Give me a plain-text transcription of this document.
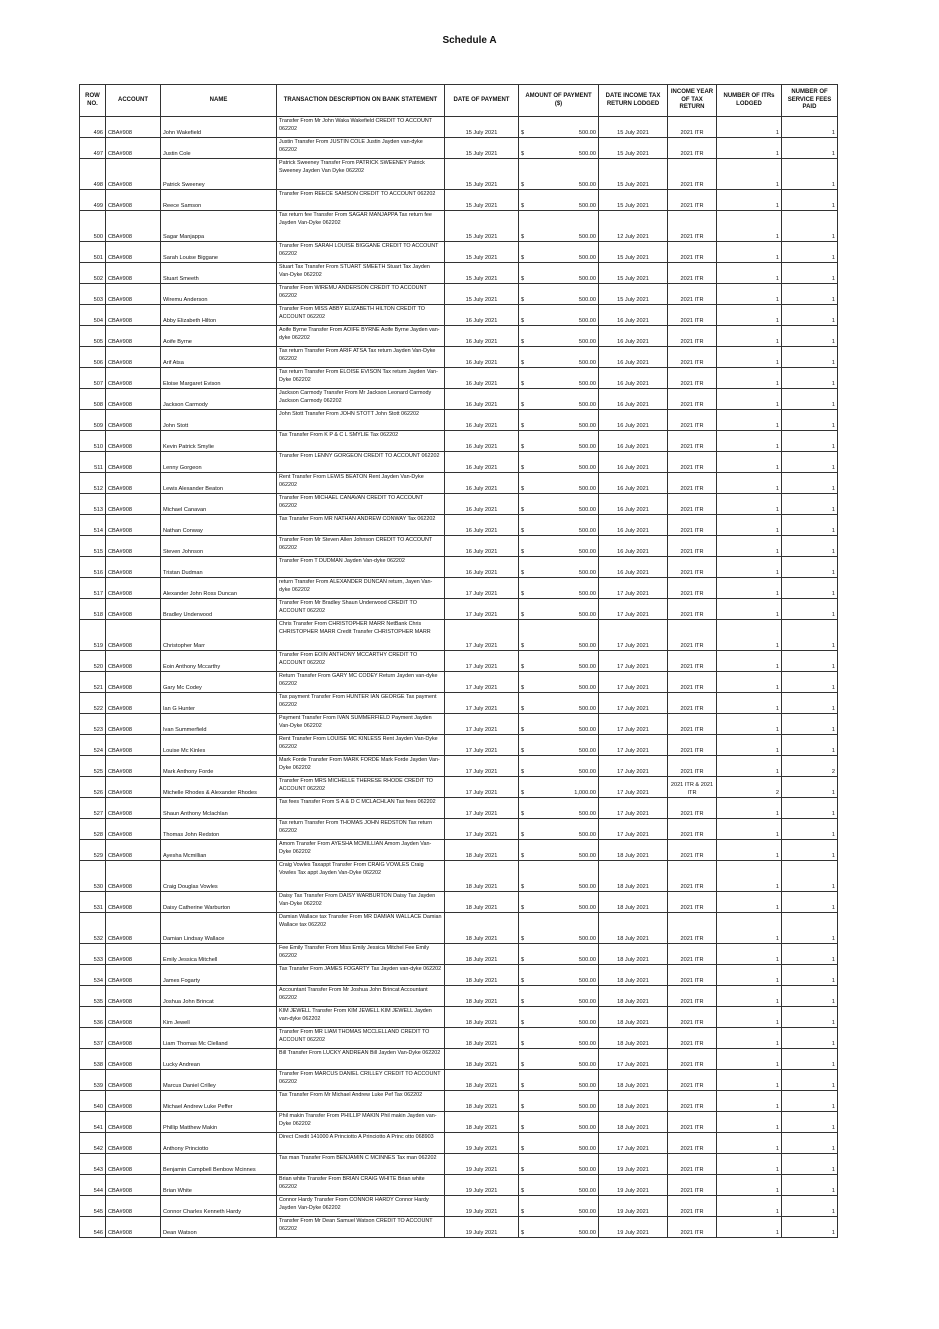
Schedule A
ROW NO.	ACCOUNT	NAME	TRANSACTION DESCRIPTION ON BANK STATEMENT	DATE OF PAYMENT	AMOUNT OF PAYMENT ($)	DATE INCOME TAX RETURN LODGED	INCOME YEAR OF TAX RETURN	NUMBER OF ITRs LODGED	NUMBER OF SERVICE FEES PAID
496	CBA#908	John Wakefield	Transfer From Mr John Waka Wakefield CREDIT TO ACCOUNT 062202	15 July 2021	$ 500.00	15 July 2021	2021 ITR	1	1
497	CBA#908	Justin Cole	Justin Transfer From JUSTIN COLE Justin Jayden van-dyke 062202	15 July 2021	$ 500.00	15 July 2021	2021 ITR	1	1
498	CBA#908	Patrick Sweeney	Patrick Sweeney Transfer From PATRICK SWEENEY Patrick Sweeney Jayden Van Dyke 062202	15 July 2021	$ 500.00	15 July 2021	2021 ITR	1	1
499	CBA#908	Reece Samson	Transfer From REECE SAMSON CREDIT TO ACCOUNT 062202	15 July 2021	$ 500.00	15 July 2021	2021 ITR	1	1
500	CBA#908	Sagar Manjappa	Tax return fee Transfer From SAGAR MANJAPPA Tax return fee Jayden Van-Dyke 062202	15 July 2021	$ 500.00	12 July 2021	2021 ITR	1	1
501	CBA#908	Sarah Louise Biggane	Transfer From SARAH LOUISE BIGGANE CREDIT TO ACCOUNT 062202	15 July 2021	$ 500.00	15 July 2021	2021 ITR	1	1
502	CBA#908	Stuart Smeeth	Stuart Tax Transfer From STUART SMEETH Stuart Tax Jayden Van-Dyke 062202	15 July 2021	$ 500.00	15 July 2021	2021 ITR	1	1
503	CBA#908	Wiremu Anderson	Transfer From WIREMU ANDERSON CREDIT TO ACCOUNT 062202	15 July 2021	$ 500.00	15 July 2021	2021 ITR	1	1
504	CBA#908	Abby Elizabeth Hilton	Transfer From MISS ABBY ELIZABETH HILTON CREDIT TO ACCOUNT 062202	16 July 2021	$ 500.00	16 July 2021	2021 ITR	1	1
505	CBA#908	Aoife Byrne	Aoife Byrne Transfer From AOIFE BYRNE Aoife Byrne Jayden van-dyke 062202	16 July 2021	$ 500.00	16 July 2021	2021 ITR	1	1
506	CBA#908	Arif Atsa	Tax return Transfer From ARIF ATSA Tax return Jayden Van-Dyke 062202	16 July 2021	$ 500.00	16 July 2021	2021 ITR	1	1
507	CBA#908	Eloise Margaret Evison	Tax return Transfer From ELOISE EVISON Tax return Jayden Van-Dyke 062202	16 July 2021	$ 500.00	16 July 2021	2021 ITR	1	1
508	CBA#908	Jackson Carmody	Jackson Carmody Transfer From Mr Jackson Leonard Carmody Jackson Carmody 062202	16 July 2021	$ 500.00	16 July 2021	2021 ITR	1	1
509	CBA#908	John Stott	John Stott Transfer From JOHN STOTT John Stott 062202	16 July 2021	$ 500.00	16 July 2021	2021 ITR	1	1
510	CBA#908	Kevin Patrick Smylie	Tax Transfer From K P & C L SMYLIE Tax 062202	16 July 2021	$ 500.00	16 July 2021	2021 ITR	1	1
511	CBA#908	Lenny Gorgeon	Transfer From LENNY GORGEON CREDIT TO ACCOUNT 062202	16 July 2021	$ 500.00	16 July 2021	2021 ITR	1	1
512	CBA#908	Lewis Alexander Beaton	Rent Transfer From LEWIS BEATON Rent Jayden Van-Dyke 062202	16 July 2021	$ 500.00	16 July 2021	2021 ITR	1	1
513	CBA#908	Michael Canavan	Transfer From MICHAEL CANAVAN CREDIT TO ACCOUNT 062202	16 July 2021	$ 500.00	16 July 2021	2021 ITR	1	1
514	CBA#908	Nathan Conway	Tax Transfer From MR NATHAN ANDREW CONWAY Tax 062202	16 July 2021	$ 500.00	16 July 2021	2021 ITR	1	1
515	CBA#908	Steven Johnson	Transfer From Mr Steven Allen Johnson CREDIT TO ACCOUNT 062202	16 July 2021	$ 500.00	16 July 2021	2021 ITR	1	1
516	CBA#908	Tristan Dudman	Transfer From T DUDMAN Jayden Van-dyke 062202	16 July 2021	$ 500.00	16 July 2021	2021 ITR	1	1
517	CBA#908	Alexander John Ross Duncan	return Transfer From ALEXANDER DUNCAN return, Jayen Van-dyke 062202	17 July 2021	$ 500.00	17 July 2021	2021 ITR	1	1
518	CBA#908	Bradley Underwood	Transfer From Mr Bradley Shaun Underwood CREDIT TO ACCOUNT 062202	17 July 2021	$ 500.00	17 July 2021	2021 ITR	1	1
519	CBA#908	Christopher Marr	Chris Transfer From CHRISTOPHER MARR NetBank Chris CHRISTOPHER MARR Credit Transfer CHRISTOPHER MARR	17 July 2021	$ 500.00	17 July 2021	2021 ITR	1	1
520	CBA#908	Eoin Anthony Mccarthy	Transfer From EOIN ANTHONY MCCARTHY CREDIT TO ACCOUNT 062202	17 July 2021	$ 500.00	17 July 2021	2021 ITR	1	1
521	CBA#908	Gary Mc Codey	Return Transfer From GARY MC CODEY Return Jayden van-dyke 062202	17 July 2021	$ 500.00	17 July 2021	2021 ITR	1	1
522	CBA#908	Ian G Hunter	Tax payment Transfer From HUNTER IAN GEORGE Tax payment 062202	17 July 2021	$ 500.00	17 July 2021	2021 ITR	1	1
523	CBA#908	Ivan Summerfield	Payment Transfer From IVAN SUMMERFIELD Payment Jayden Van-Dyke 062202	17 July 2021	$ 500.00	17 July 2021	2021 ITR	1	1
524	CBA#908	Louise Mc Kinles	Rent Transfer From LOUISE MC KINLESS Rent Jayden Van-Dyke 062202	17 July 2021	$ 500.00	17 July 2021	2021 ITR	1	1
525	CBA#908	Mark Anthony Forde	Mark Forde Transfer From MARK FORDE Mark Forde Jayden Van-Dyke 062202	17 July 2021	$ 500.00	17 July 2021	2021 ITR	1	2
526	CBA#908	Michelle Rhodes & Alexander Rhodes	Transfer From MRS MICHELLE THERESE RHODE CREDIT TO ACCOUNT 062202	17 July 2021	$ 1,000.00	17 July 2021	2021 ITR & 2021 ITR	2	1
527	CBA#908	Shaun Anthony Mclachlan	Tax fees Transfer From S A & D C MCLACHLAN Tax fees 062202	17 July 2021	$ 500.00	17 July 2021	2021 ITR	1	1
528	CBA#908	Thomas John Redston	Tax return Transfer From THOMAS JOHN REDSTON Tax return 062202	17 July 2021	$ 500.00	17 July 2021	2021 ITR	1	1
529	CBA#908	Ayesha Mcmillian	Amom Transfer From AYESHA MCMILLIAN Amom Jayden Van-Dyke 062202	18 July 2021	$ 500.00	18 July 2021	2021 ITR	1	1
530	CBA#908	Craig Douglas Vowles	Craig Vowles Taxappt Transfer From CRAIG VOWLES Craig Vowles Tax appt Jayden Van-Dyke 062202	18 July 2021	$ 500.00	18 July 2021	2021 ITR	1	1
531	CBA#908	Daisy Catherine Warburton	Daisy Tax Transfer From DAISY WARBURTON Daisy Tax Jayden Van-Dyke 062202	18 July 2021	$ 500.00	18 July 2021	2021 ITR	1	1
532	CBA#908	Damian Lindsay Wallace	Damian Wallace tax Transfer From MR DAMIAN WALLACE Damian Wallace tax 062202	18 July 2021	$ 500.00	18 July 2021	2021 ITR	1	1
533	CBA#908	Emily Jessica Mitchell	Fee Emily Transfer From Miss Emily Jessica Mitchel Fee Emily 062202	18 July 2021	$ 500.00	18 July 2021	2021 ITR	1	1
534	CBA#908	James Fogarty	Tax Transfer From JAMES FOGARTY Tax Jayden van-dyke 062202	18 July 2021	$ 500.00	18 July 2021	2021 ITR	1	1
535	CBA#908	Joshua John Brincat	Accountant Transfer From Mr Joshua John Brincat Accountant 062202	18 July 2021	$ 500.00	18 July 2021	2021 ITR	1	1
536	CBA#908	Kim Jewell	KIM JEWELL Transfer From KIM JEWELL KIM JEWELL Jayden van-dyke 062202	18 July 2021	$ 500.00	18 July 2021	2021 ITR	1	1
537	CBA#908	Liam Thomas Mc Clelland	Transfer From MR LIAM THOMAS MCCLELLAND CREDIT TO ACCOUNT 062202	18 July 2021	$ 500.00	18 July 2021	2021 ITR	1	1
538	CBA#908	Lucky Andrean	Bill Transfer From LUCKY ANDREAN Bill Jayden Van-Dyke 062202	18 July 2021	$ 500.00	17 July 2021	2021 ITR	1	1
539	CBA#908	Marcus Daniel Crilley	Transfer From MARCUS DANIEL CRILLEY CREDIT TO ACCOUNT 062202	18 July 2021	$ 500.00	18 July 2021	2021 ITR	1	1
540	CBA#908	Michael Andrew Luke Peffer	Tax Transfer From Mr Michael Andrew Luke Pef Tax 062202	18 July 2021	$ 500.00	18 July 2021	2021 ITR	1	1
541	CBA#908	Phillip Matthew Makin	Phil makin Transfer From PHILLIP MAKIN Phil makin Jayden van-Dyke 062202	18 July 2021	$ 500.00	18 July 2021	2021 ITR	1	1
542	CBA#908	Anthony Princiotto	Direct Credit 141000 A Princiotto A Princiotto A Princ otto 068903	19 July 2021	$ 500.00	17 July 2021	2021 ITR	1	1
543	CBA#908	Benjamin Campbell Benbow Mcinnes	Tax man Transfer From BENJAMIN C MCINNES Tax man 062202	19 July 2021	$ 500.00	19 July 2021	2021 ITR	1	1
544	CBA#908	Brian White	Brian white Transfer From BRIAN CRAIG WHITE Brian white 062202	19 July 2021	$ 500.00	19 July 2021	2021 ITR	1	1
545	CBA#908	Connor Charles Kenneth Hardy	Connor Hardy Transfer From CONNOR HARDY Connor Hardy Jayden Van-Dyke 062202	19 July 2021	$ 500.00	19 July 2021	2021 ITR	1	1
546	CBA#908	Dean Watson	Transfer From Mr Dean Samuel Watson CREDIT TO ACCOUNT 062202	19 July 2021	$ 500.00	19 July 2021	2021 ITR	1	1
